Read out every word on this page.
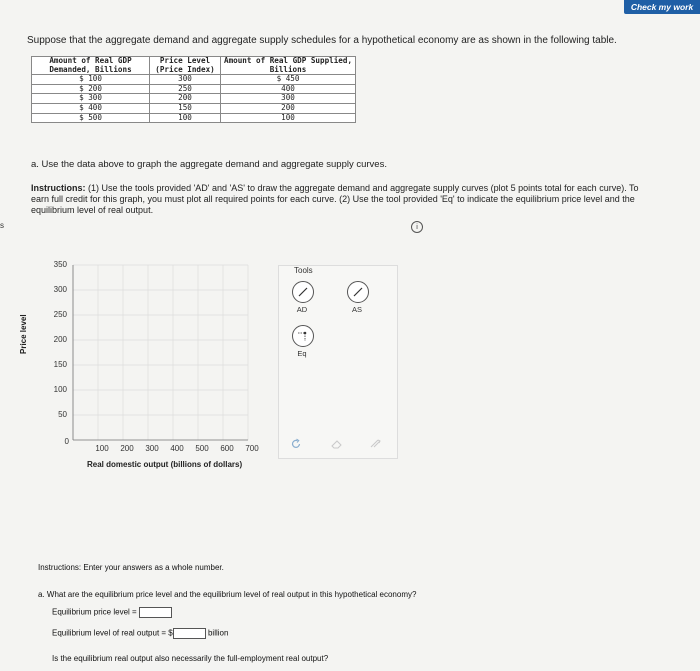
Check my work
s
Suppose that the aggregate demand and aggregate supply schedules for a hypothetical economy are as shown in the following table.
Amount of Real GDP Demanded, Billions	Price Level (Price Index)	Amount of Real GDP Supplied, Billions
$ 100	300	$ 450
$ 200	250	400
$ 300	200	300
$ 400	150	200
$ 500	100	100
a. Use the data above to graph the aggregate demand and aggregate supply curves.
Instructions: (1) Use the tools provided 'AD' and 'AS' to draw the aggregate demand and aggregate supply curves (plot 5 points total for each curve). To earn full credit for this graph, you must plot all required points for each curve. (2) Use the tool provided 'Eq' to indicate the equilibrium price level and the equilibrium level of real output.
i
350
300
250
200
150
100
50
0
100	200	300	400	500	600	700
Price level
Real domestic output (billions of dollars)
Tools
AD	AS
Eq
Instructions: Enter your answers as a whole number.
a. What are the equilibrium price level and the equilibrium level of real output in this hypothetical economy?
Equilibrium price level =
Equilibrium level of real output = $	billion
Is the equilibrium real output also necessarily the full-employment real output?
